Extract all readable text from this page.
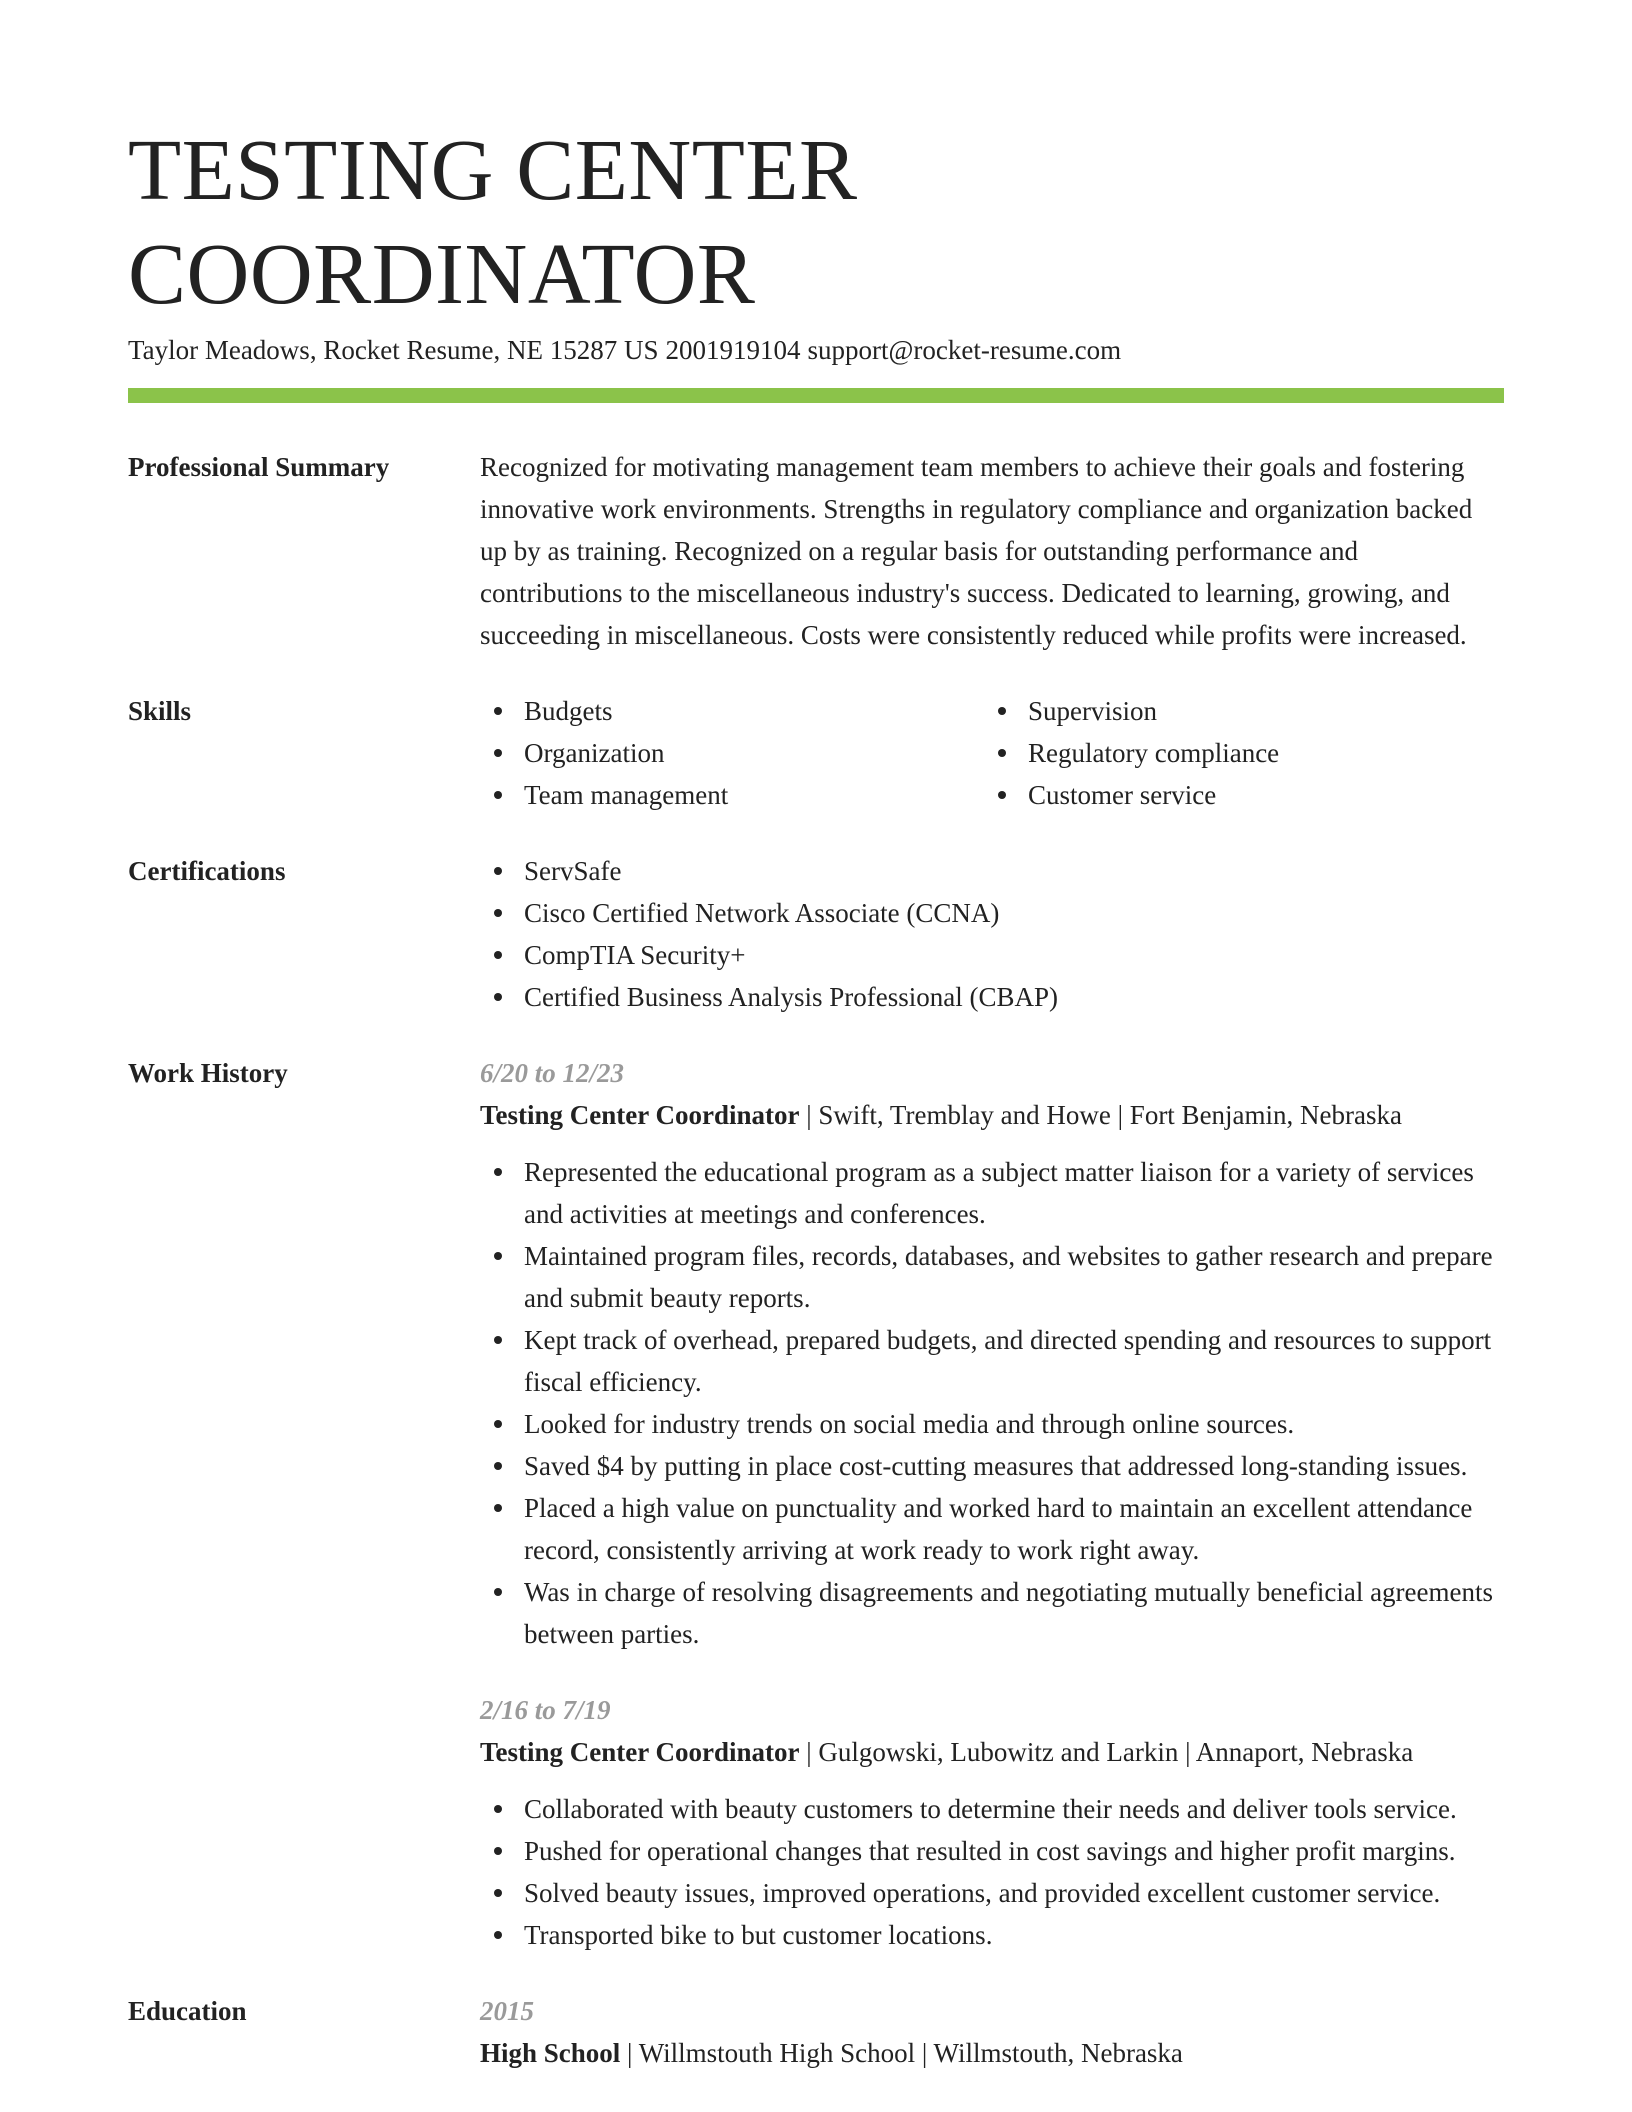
TESTING CENTER COORDINATOR
Taylor Meadows, Rocket Resume, NE 15287 US 2001919104 support@rocket-resume.com
Professional Summary	Recognized for motivating management team members to achieve their goals and fostering innovative work environments. Strengths in regulatory compliance and organization backed up by as training. Recognized on a regular basis for outstanding performance and contributions to the miscellaneous industry's success. Dedicated to learning, growing, and succeeding in miscellaneous. Costs were consistently reduced while profits were increased.
Skills	Budgets
Organization
Team management
Supervision
Regulatory compliance
Customer service
Certifications	ServSafe
Cisco Certified Network Associate (CCNA)
CompTIA Security+
Certified Business Analysis Professional (CBAP)
Work History	6/20 to 12/23
Testing Center Coordinator | Swift, Tremblay and Howe | Fort Benjamin, Nebraska
Represented the educational program as a subject matter liaison for a variety of services and activities at meetings and conferences.
Maintained program files, records, databases, and websites to gather research and prepare and submit beauty reports.
Kept track of overhead, prepared budgets, and directed spending and resources to support fiscal efficiency.
Looked for industry trends on social media and through online sources.
Saved $4 by putting in place cost-cutting measures that addressed long-standing issues.
Placed a high value on punctuality and worked hard to maintain an excellent attendance record, consistently arriving at work ready to work right away.
Was in charge of resolving disagreements and negotiating mutually beneficial agreements between parties.
2/16 to 7/19
Testing Center Coordinator | Gulgowski, Lubowitz and Larkin | Annaport, Nebraska
Collaborated with beauty customers to determine their needs and deliver tools service.
Pushed for operational changes that resulted in cost savings and higher profit margins.
Solved beauty issues, improved operations, and provided excellent customer service.
Transported bike to but customer locations.
Education	2015
High School | Willmstouth High School | Willmstouth, Nebraska
